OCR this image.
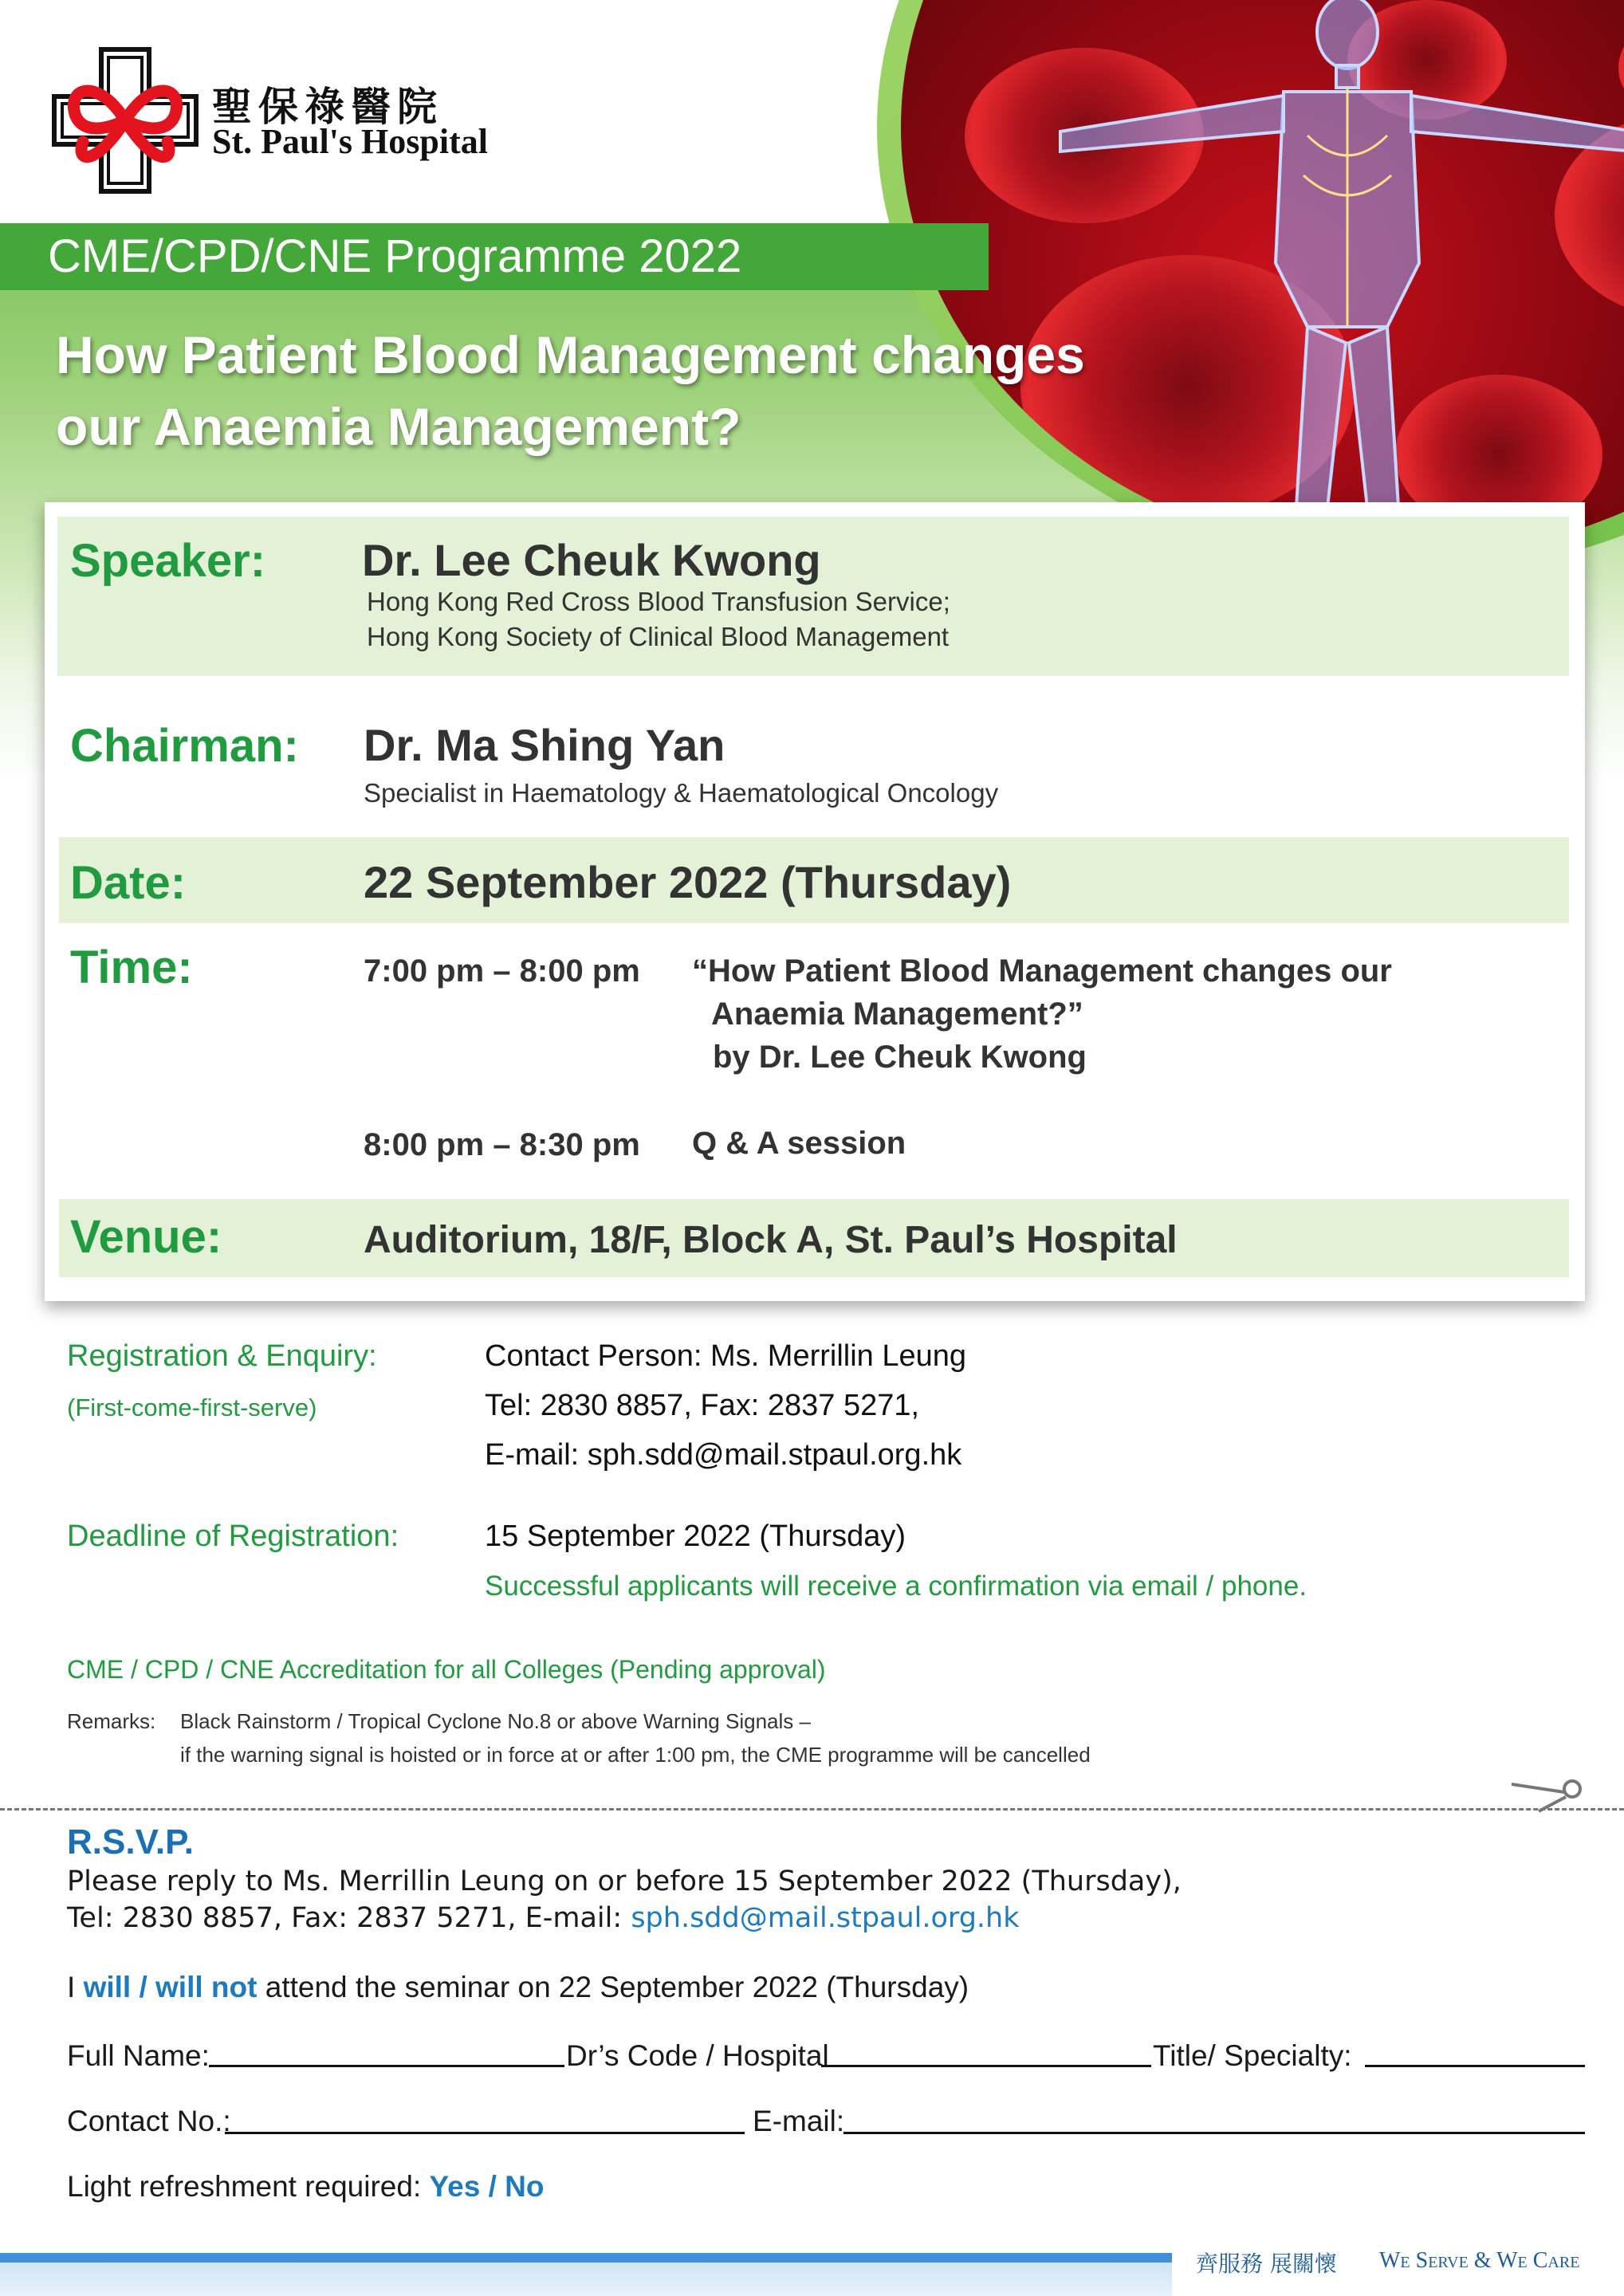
CME/CPD/CNE Programme 2022
How Patient Blood Management changes our Anaemia Management?
聖保祿醫院
St. Paul's Hospital
Speaker: Dr. Lee Cheuk Kwong
Hong Kong Red Cross Blood Transfusion Service;
Hong Kong Society of Clinical Blood Management
Chairman: Dr. Ma Shing Yan
Specialist in Haematology & Haematological Oncology
Date:	22 September 2022 (Thursday)
Time:	7:00 pm – 8:00 pm “How Patient Blood Management changes our
Anaemia Management?”
by Dr. Lee Cheuk Kwong
8:00 pm – 8:30 pm Q & A session
Venue:	Auditorium, 18/F, Block A, St. Paul’s Hospital
Registration & Enquiry:
(First-come-first-serve)
Contact Person: Ms. Merrillin Leung
Tel: 2830 8857, Fax: 2837 5271,
E-mail: sph.sdd@mail.stpaul.org.hk
Deadline of Registration:	15 September 2022 (Thursday)
Successful applicants will receive a confirmation via email / phone.
CME / CPD / CNE Accreditation for all Colleges (Pending approval)
Remarks: Black Rainstorm / Tropical Cyclone No.8 or above Warning Signals –
if the warning signal is hoisted or in force at or after 1:00 pm, the CME programme will be cancelled
R.S.V.P.
Please reply to Ms. Merrillin Leung on or before 15 September 2022 (Thursday),
Tel: 2830 8857, Fax: 2837 5271, E-mail: sph.sdd@mail.stpaul.org.hk
I will / will not attend the seminar on 22 September 2022 (Thursday)
Full Name:	Dr’s Code / Hospital	Title/ Specialty:
Contact No.:	E-mail:
Light refreshment required: Yes / No
齊服務 展關懷 We Serve & We Care
